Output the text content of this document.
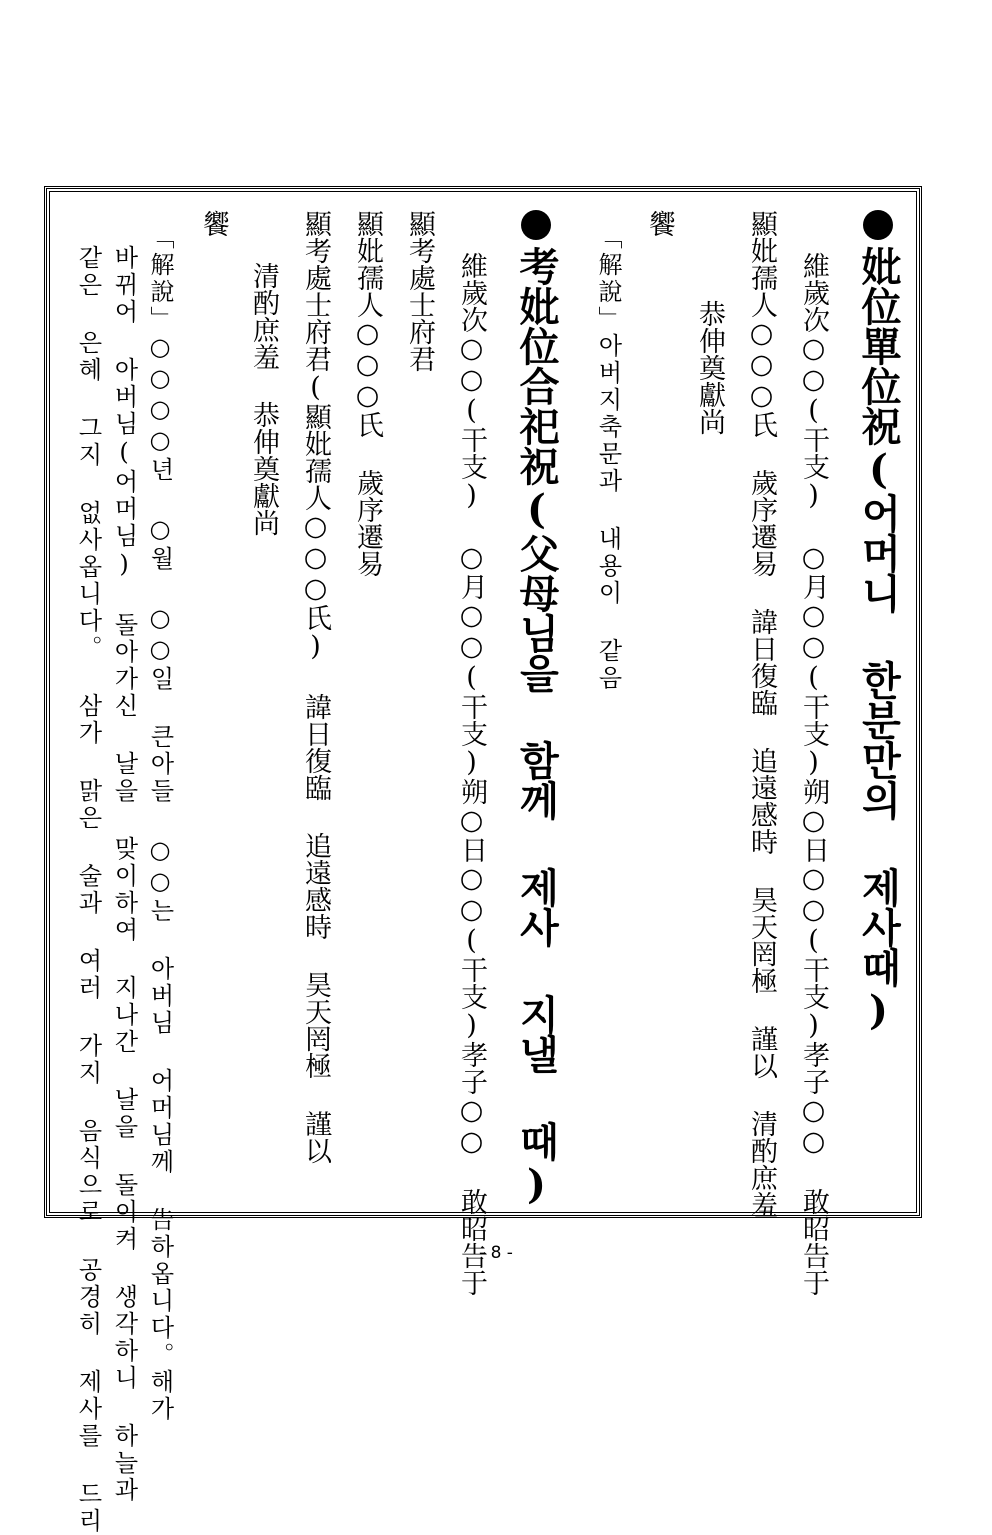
妣位單位祝(어머니 한분만의 제사때)
維歲次○○(干支) ○月○○(干支)朔○日○○(干支)孝子○○ 敢昭告于
顯妣孺人○○○氏 歲序遷易 諱日復臨 追遠感時 昊天罔極 謹以 清酌庶羞
恭伸奠獻尚
饗
「解說」아버지축문과 내용이 같음
考妣位合祀祝(父母님을 함께 제사 지낼 때)
維歲次○○(干支) ○月○○(干支)朔○日○○(干支)孝子○○ 敢昭告于
顯考處士府君
顯妣孺人○○○氏 歲序遷易
顯考處士府君(顯妣孺人○○○氏) 諱日復臨 追遠感時 昊天罔極 謹以
清酌庶羞 恭伸奠獻尚
饗
「解說」○○○○년 ○월 ○○일 큰아들 ○○는 아버님 어머님께 告하옵니다。해가
바뀌어 아버님(어머님) 돌아가신 날을 맞이하여 지나간 날을 돌이켜 생각하니 하늘과
같은 은혜 그지 없사옵니다。 삼가 맑은 술과 여러 가지 음식으로 공경히 제사를 드리	- 8 -
